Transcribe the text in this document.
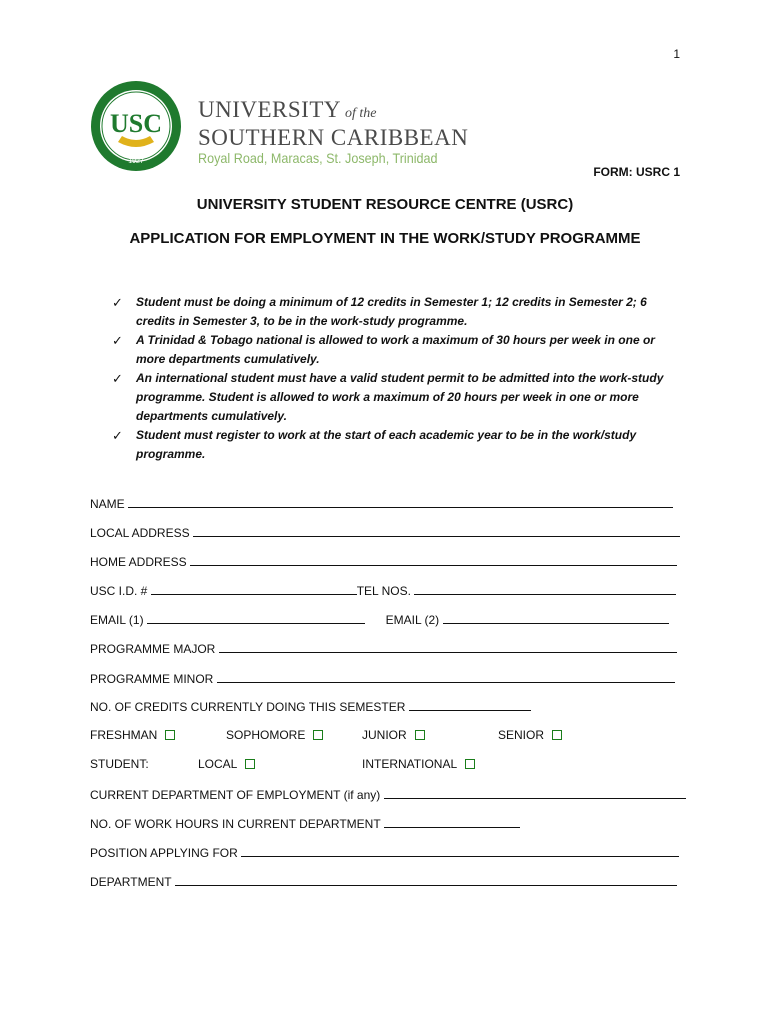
1
USC
1927
UNIVERSITY of the
SOUTHERN CARIBBEAN
Royal Road, Maracas, St. Joseph, Trinidad
FORM: USRC 1
UNIVERSITY STUDENT RESOURCE CENTRE (USRC)
APPLICATION FOR EMPLOYMENT IN THE WORK/STUDY PROGRAMME
✓ Student must be doing a minimum of 12 credits in Semester 1; 12 credits in Semester 2; 6 credits in Semester 3, to be in the work-study programme.
✓ A Trinidad & Tobago national is allowed to work a maximum of 30 hours per week in one or more departments cumulatively.
✓ An international student must have a valid student permit to be admitted into the work-study programme. Student is allowed to work a maximum of 20 hours per week in one or more departments cumulatively.
✓ Student must register to work at the start of each academic year to be in the work/study programme.
NAME
LOCAL ADDRESS
HOME ADDRESS
USC I.D. #	TEL NOS.
EMAIL (1)	EMAIL (2)
PROGRAMME MAJOR
PROGRAMME MINOR
NO. OF CREDITS CURRENTLY DOING THIS SEMESTER
FRESHMAN	SOPHOMORE	JUNIOR	SENIOR
STUDENT:	LOCAL	INTERNATIONAL
CURRENT DEPARTMENT OF EMPLOYMENT (if any)
NO. OF WORK HOURS IN CURRENT DEPARTMENT
POSITION APPLYING FOR
DEPARTMENT
